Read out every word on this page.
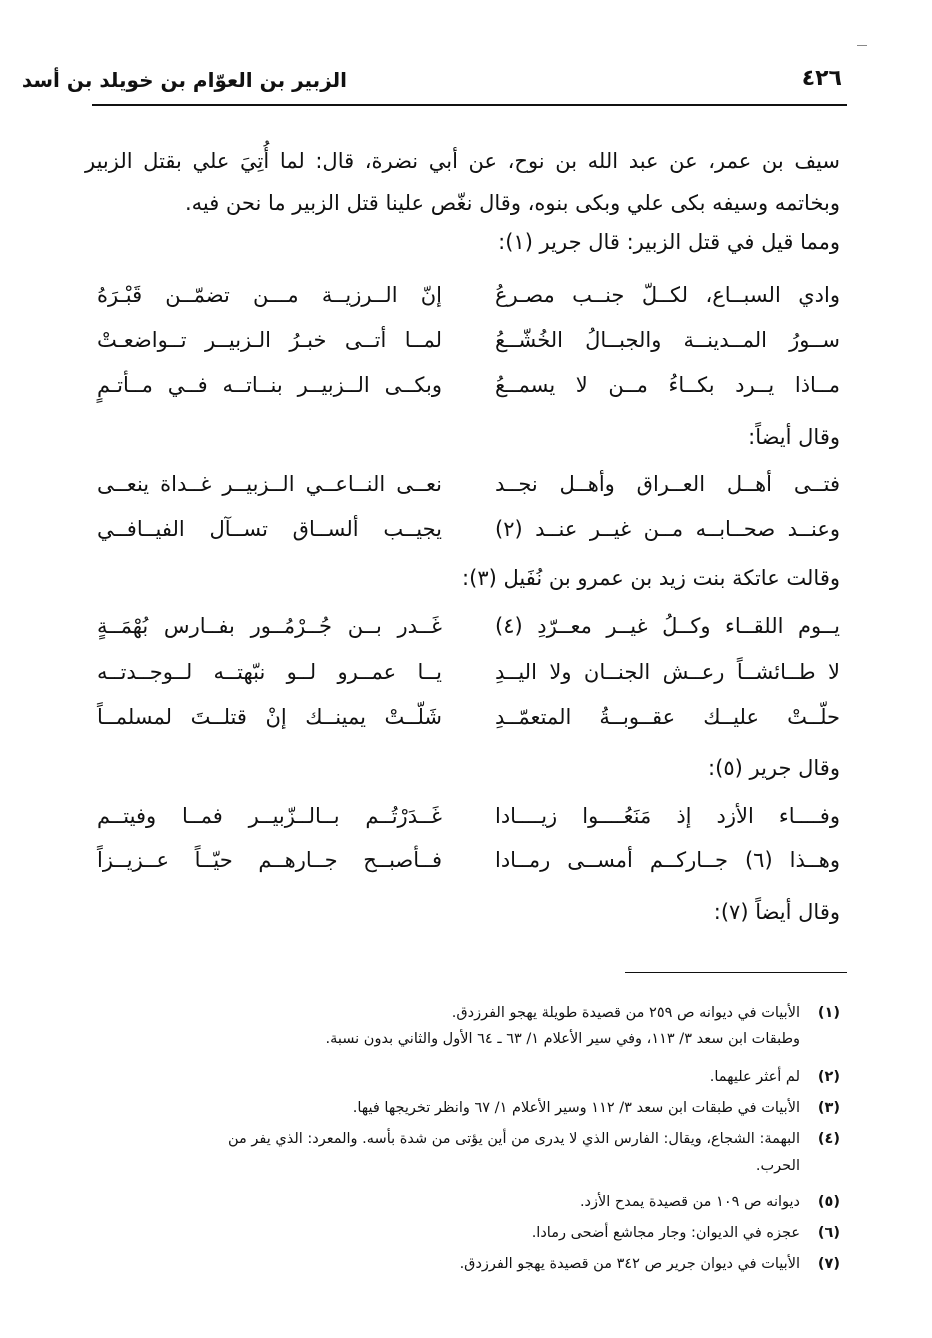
الزبير بن العوّام بن خويلد بن أسد	٤٢٦
سيف بن عمر، عن عبد الله بن نوح، عن أبي نضرة، قال: لما أُتِيَ علي بقتل الزبير وبخاتمه وسيفه بكى علي وبكى بنوه، وقال نغّص علينا قتل الزبير ما نحن فيه.
ومما قيل في قتل الزبير: قال جرير (١):
إنّ الــرزيــة مـــن تضمّــن قَبْـرَهُ	وادي السبــاع، لكــلّ جنــب مصـرعُ
لمــا أتــى خبـرُ الـزبيــر تــواضعـتْ	ســورُ المــدينــة والجبــالُ الخُشّــعُ
وبكــى الــزبيــر بنــاتــه فــي مــأتـمٍ	مــاذا يــرد بكــاءُ مــن لا يسمــعُ
وقال أيضاً:
نعــى النــاعــي الــزبيــر غــداة ينعــى	فتــى أهــل العــراق وأهــل نجــد
يجيــب ألســاق تســآل الفيــافــي	وعنــد صحــابــه مــن غيــر عنــد (٢)
وقالت عاتكة بنت زيد بن عمرو بن نُفَيل (٣):
غَــدر بــن جُــرْمُــور بفــارس بُهْمَــةٍ	يــوم اللقــاء وكــلُ غيــر معــرّدِ (٤)
يــا عمــرو لــو نبّهتــه لــوجــدتــه	لا طــائشــاً رعــش الجنــان ولا اليــدِ
شَلّــتْ يمينــك إنْ قتلــتَ لمسلمــاً	حلّــتْ عليــك عقــوبــةُ المتعمّــدِ
وقال جرير (٥):
غَــدَرْتُــم بــالــزّبيــر فمــا وفيتــم	وفــــاء الأزد إذ مَنَعُــــوا زيــــادا
فــأصبــح جــارهــم حيّــاً عــزيــزاً	وهــذا (٦) جــاركــم أمســى رمــادا
وقال أيضاً (٧):
(١)الأبيات في ديوانه ص ٢٥٩ من قصيدة طويلة يهجو الفرزدق.
وطبقات ابن سعد ٣/ ١١٣، وفي سير الأعلام ١/ ٦٣ ـ ٦٤ الأول والثاني بدون نسبة.
(٢)لم أعثر عليهما.
(٣)الأبيات في طبقات ابن سعد ٣/ ١١٢ وسير الأعلام ١/ ٦٧ وانظر تخريجها فيها.
(٤)البهمة: الشجاع، ويقال: الفارس الذي لا يدرى من أين يؤتى من شدة بأسه. والمعرد: الذي يفر من
الحرب.
(٥)ديوانه ص ١٠٩ من قصيدة يمدح الأزد.
(٦)عجزه في الديوان: وجار مجاشع أضحى رمادا.
(٧)الأبيات في ديوان جرير ص ٣٤٢ من قصيدة يهجو الفرزدق.
